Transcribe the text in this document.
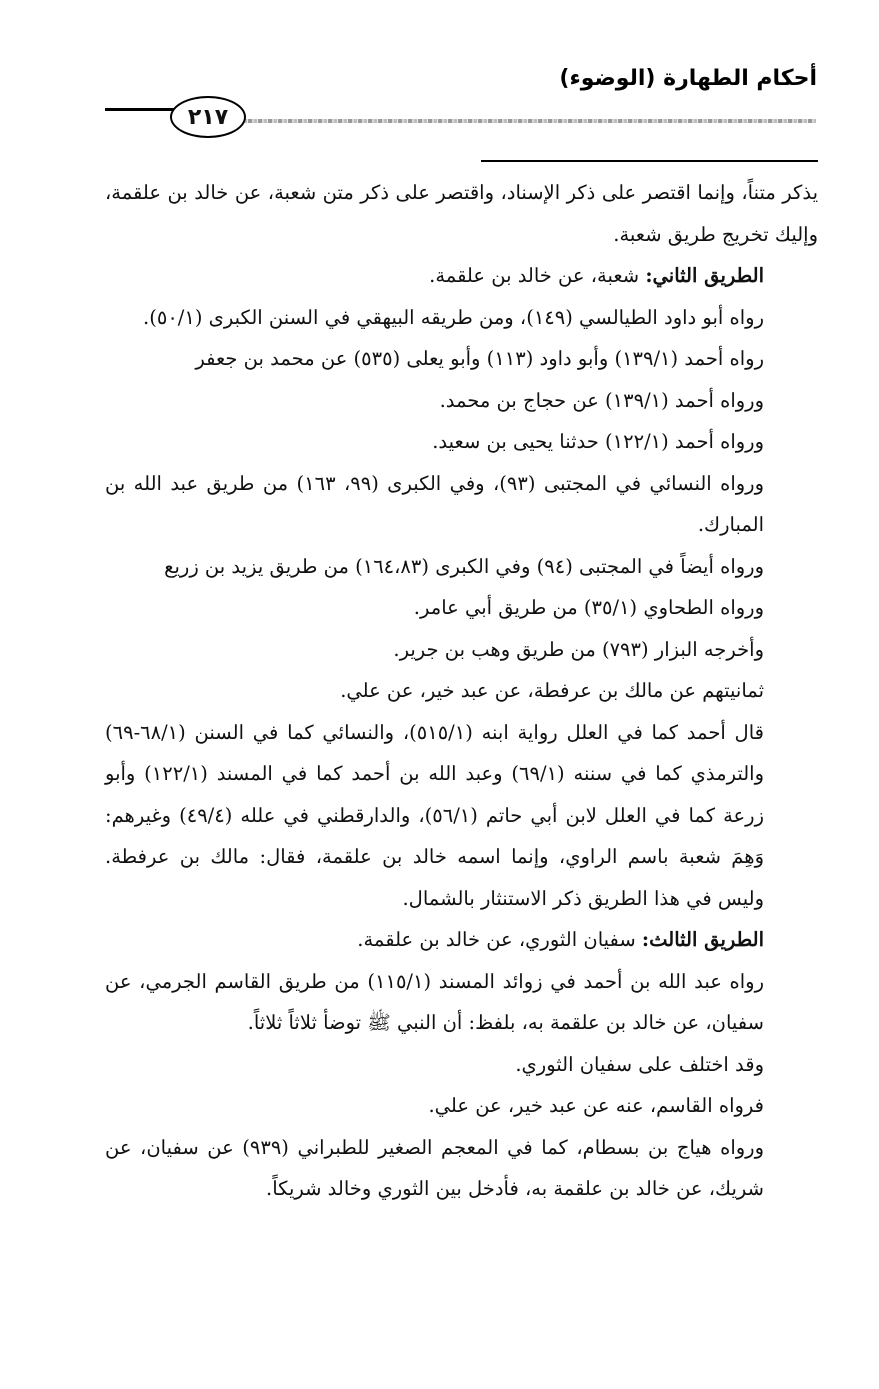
أحكام الطهارة (الوضوء)
٢١٧

يذكر متناً، وإنما اقتصر على ذكر الإسناد، واقتصر على ذكر متن شعبة، عن خالد بن علقمة، وإليك تخريج طريق شعبة.

الطريق الثاني: شعبة، عن خالد بن علقمة.

رواه أبو داود الطيالسي (١٤٩)، ومن طريقه البيهقي في السنن الكبرى (٥٠/١).

رواه أحمد (١٣٩/١) وأبو داود (١١٣) وأبو يعلى (٥٣٥) عن محمد بن جعفر

ورواه أحمد (١٣٩/١) عن حجاج بن محمد.

ورواه أحمد (١٢٢/١) حدثنا يحيى بن سعيد.

ورواه النسائي في المجتبى (٩٣)، وفي الكبرى (٩٩، ١٦٣) من طريق عبد الله بن المبارك.

ورواه أيضاً في المجتبى (٩٤) وفي الكبرى (١٦٤،٨٣) من طريق يزيد بن زريع

ورواه الطحاوي (٣٥/١) من طريق أبي عامر.

وأخرجه البزار (٧٩٣) من طريق وهب بن جرير.

ثمانيتهم عن مالك بن عرفطة، عن عبد خير، عن علي.

قال أحمد كما في العلل رواية ابنه (٥١٥/١)، والنسائي كما في السنن (٦٨/١-٦٩) والترمذي كما في سننه (٦٩/١) وعبد الله بن أحمد كما في المسند (١٢٢/١) وأبو زرعة كما في العلل لابن أبي حاتم (٥٦/١)، والدارقطني في علله (٤٩/٤) وغيرهم: وَهِمَ شعبة باسم الراوي، وإنما اسمه خالد بن علقمة، فقال: مالك بن عرفطة. وليس في هذا الطريق ذكر الاستنثار بالشمال.

الطريق الثالث: سفيان الثوري، عن خالد بن علقمة.

رواه عبد الله بن أحمد في زوائد المسند (١١٥/١) من طريق القاسم الجرمي، عن سفيان، عن خالد بن علقمة به، بلفظ: أن النبي ﷺ توضأ ثلاثاً ثلاثاً.

وقد اختلف على سفيان الثوري.

فرواه القاسم، عنه عن عبد خير، عن علي.

ورواه هياج بن بسطام، كما في المعجم الصغير للطبراني (٩٣٩) عن سفيان، عن شريك، عن خالد بن علقمة به، فأدخل بين الثوري وخالد شريكاً.
